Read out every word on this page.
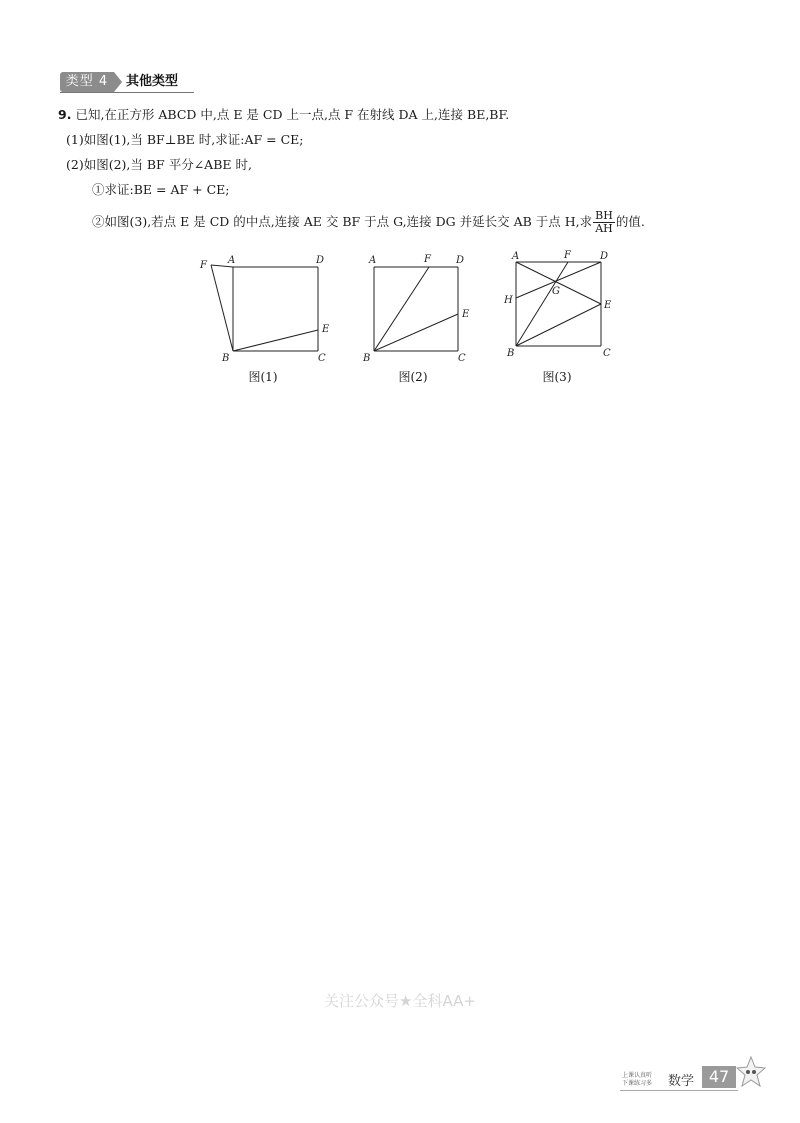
类型 4	其他类型
9. 已知,在正方形 ABCD 中,点 E 是 CD 上一点,点 F 在射线 DA 上,连接 BE,BF.
(1)如图(1),当 BF⊥BE 时,求证:AF = CE;
(2)如图(2),当 BF 平分∠ABE 时,
①求证:BE = AF + CE;
②如图(3),若点 E 是 CD 的中点,连接 AE 交 BF 于点 G,连接 DG 并延长交 AB 于点 H,求 $\frac{BH}{AH}$ 的值.
F A	D
E
B	C
图(1)
A	F	D
E
B	C
图(2)
A	F	D
H
G
E
B	C
图(3)
关注公众号★全科AA+
上课认真听
下课练习多 数学 47
